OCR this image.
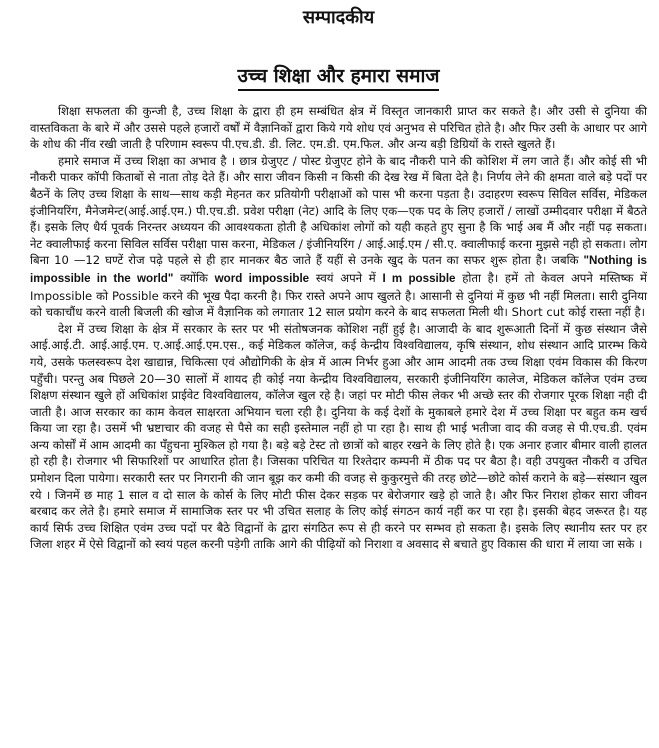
सम्पादकीय
उच्च शिक्षा और हमारा समाज

शिक्षा सफलता की कुन्जी है, उच्च शिक्षा के द्वारा ही हम सम्बंधित क्षेत्र में विस्तृत जानकारी प्राप्त कर सकते है। और उसी से दुनिया की वास्तविकता के बारे में और उससे पहले हजारों वर्षों में वैज्ञानिकों द्वारा किये गये शोध एवं अनुभव से परिचित होते है। और फिर उसी के आधार पर आगे के शोध की नींव रखी जाती है परिणाम स्वरूप पी.एच.डी. डी. लिट. एम.डी. एम.फिल. और अन्य बड़ी डिग्रियों के रास्ते खुलते हैं।

हमारे समाज में उच्च शिक्षा का अभाव है । छात्र ग्रेजुएट / पोस्ट ग्रेजुएट होने के बाद नौकरी पाने की कोशिश में लग जाते हैं। और कोई सी भी नौकरी पाकर कॉपी किताबों से नाता तोड़ देते हैं। और सारा जीवन किसी न किसी की देख रेख में बिता देते है। निर्णय लेने की क्षमता वाले बड़े पदों पर बैठनें के लिए उच्च शिक्षा के साथ—साथ कड़ी मेहनत कर प्रतियोगी परीक्षाओं को पास भी करना पड़ता है। उदाहरण स्वरूप सिविल सर्विस, मेडिकल इंजीनियरिंग, मैनेजमेन्ट(आई.आई.एम.) पी.एच.डी. प्रवेश परीक्षा (नेट) आदि के लिए एक—एक पद के लिए हजारों / लाखों उम्मीदवार परीक्षा में बैठते हैं। इसके लिए धैर्य पूवर्क निरन्तर अध्ययन की आवश्यकता होती है अधिकांश लोगों को यही कहते हुए सुना है कि भाई अब मैं और नहीं पढ़ सकता। नेट क्वालीफाई करना सिविल सर्विस परीक्षा पास करना, मेडिकल / इंजीनियरिंग / आई.आई.एम / सी.ए. क्वालीफाई करना मुझसे नही हो सकता। लोग बिना 10 —12 घण्टें रोज पढ़े पहले से ही हार मानकर बैठ जाते हैं यहीं से उनके खुद के पतन का सफर शुरू होता है। जबकि "Nothing is impossible in the world" क्योंकि word impossible स्वयं अपने में I m possible होता है। हमें तो केवल अपने मस्तिष्क में Impossible को Possible करने की भूख पैदा करनी है। फिर रास्ते अपने आप खुलते है। आसानी से दुनियां में कुछ भी नहीं मिलता। सारी दुनिया को चकाचौंध करने वाली बिजली की खोज में वैज्ञानिक को लगातार 12 साल प्रयोग करने के बाद सफलता मिली थी। Short cut कोई रास्ता नहीं है।

देश में उच्च शिक्षा के क्षेत्र में सरकार के स्तर पर भी संतोषजनक कोशिश नहीं हुई है। आजादी के बाद शुरूआती दिनों में कुछ संस्थान जैसे आई.आई.टी. आई.आई.एम. ए.आई.आई.एम.एस., कई मेडिकल कॉलेज, कई केन्द्रीय विश्वविद्यालय, कृषि संस्थान, शोध संस्थान आदि प्रारम्भ किये गये, उसके फलस्वरूप देश खाद्यान्न, चिकित्सा एवं औद्योगिकी के क्षेत्र में आत्म निर्भर हुआ और आम आदमी तक उच्च शिक्षा एवंम विकास की किरण पहुँची। परन्तु अब पिछले 20—30 सालों में शायद ही कोई नया केन्द्रीय विश्वविद्यालय, सरकारी इंजीनियरिंग कालेज, मेडिकल कॉलेज एवंम उच्च शिक्षण संस्थान खुले हों अधिकांश प्राईवेट विश्वविद्यालय, कॉलेज खुल रहे है। जहां पर मोटी फीस लेकर भी अच्छे स्तर की रोजगार पूरक शिक्षा नही दी जाती है। आज सरकार का काम केवल साक्षरता अभियान चला रही है। दुनिया के कई देशों के मुकाबले हमारे देश में उच्च शिक्षा पर बहुत कम खर्च किया जा रहा है। उसमें भी भ्रष्टाचार की वजह से पैसे का सही इस्तेमाल नहीं हो पा रहा है। साथ ही भाई भतीजा वाद की वजह से पी.एच.डी. एवंम अन्य कोर्सों में आम आदमी का पँहुचना मुश्किल हो गया है। बड़े बड़े टेस्ट तो छात्रों को बाहर रखने के लिए होते है। एक अनार हजार बीमार वाली हालत हो रही है। रोजगार भी सिफारिशों पर आधारित होता है। जिसका परिचित या रिश्तेदार कम्पनी में ठीक पद पर बैठा है। वही उपयुक्त नौकरी व उचित प्रमोशन दिला पायेगा। सरकारी स्तर पर निगरानी की जान बूझ कर कमी की वजह से कुकुरमुत्ते की तरह छोटे—छोटे कोर्स कराने के बड़े—संस्थान खुल रये । जिनमें छ माह 1 साल व दो साल के कोर्स के लिए मोटी फीस देकर सड़क पर बेरोजगार खड़े हो जाते है। और फिर निराश होकर सारा जीवन बरबाद कर लेते है। हमारे समाज में सामाजिक स्तर पर भी उचित सलाह के लिए कोई संगठन कार्य नहीं कर पा रहा है। इसकी बेहद जरूरत है। यह कार्य सिर्फ उच्च शिक्षित एवंम उच्च पदों पर बैठे विद्वानों के द्वारा संगठित रूप से ही करने पर सम्भव हो सकता है। इसके लिए स्थानीय स्तर पर हर जिला शहर में ऐसे विद्वानों को स्वयं पहल करनी पड़ेगी ताकि आगे की पीढ़ियों को निराशा व अवसाद से बचाते हुए विकास की धारा में लाया जा सके ।
